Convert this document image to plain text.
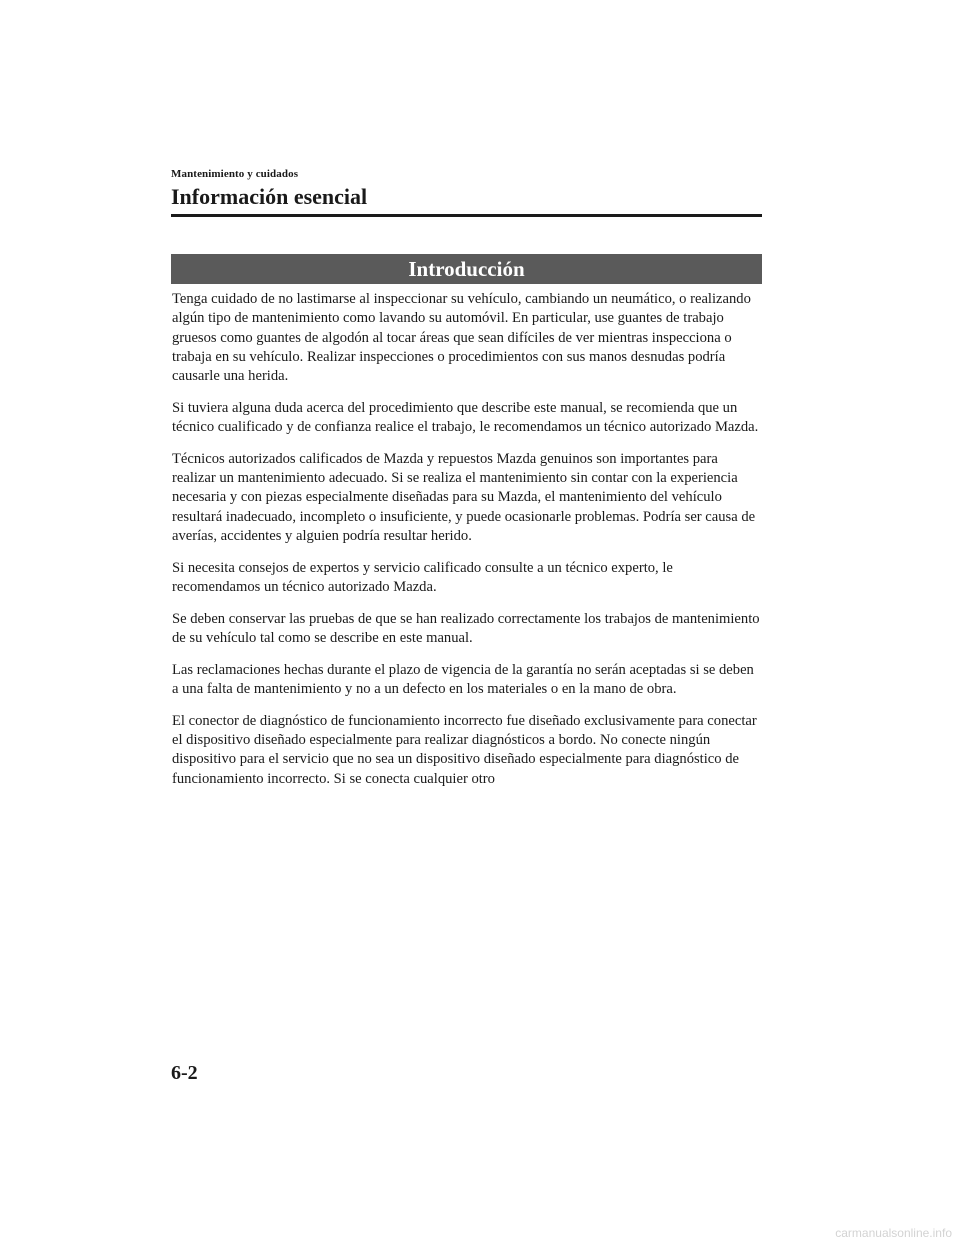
Mantenimiento y cuidados
Información esencial
Introducción

Tenga cuidado de no lastimarse al inspeccionar su vehículo, cambiando un neumático, o realizando algún tipo de mantenimiento como lavando su automóvil. En particular, use guantes de trabajo gruesos como guantes de algodón al tocar áreas que sean difíciles de ver mientras inspecciona o trabaja en su vehículo. Realizar inspecciones o procedimientos con sus manos desnudas podría causarle una herida.

Si tuviera alguna duda acerca del procedimiento que describe este manual, se recomienda que un técnico cualificado y de confianza realice el trabajo, le recomendamos un técnico autorizado Mazda.

Técnicos autorizados calificados de Mazda y repuestos Mazda genuinos son importantes para realizar un mantenimiento adecuado. Si se realiza el mantenimiento sin contar con la experiencia necesaria y con piezas especialmente diseñadas para su Mazda, el mantenimiento del vehículo resultará inadecuado, incompleto o insuficiente, y puede ocasionarle problemas. Podría ser causa de averías, accidentes y alguien podría resultar herido.

Si necesita consejos de expertos y servicio calificado consulte a un técnico experto, le recomendamos un técnico autorizado Mazda.

Se deben conservar las pruebas de que se han realizado correctamente los trabajos de mantenimiento de su vehículo tal como se describe en este manual.

Las reclamaciones hechas durante el plazo de vigencia de la garantía no serán aceptadas si se deben a una falta de mantenimiento y no a un defecto en los materiales o en la mano de obra.

El conector de diagnóstico de funcionamiento incorrecto fue diseñado exclusivamente para conectar el dispositivo diseñado especialmente para realizar diagnósticos a bordo. No conecte ningún dispositivo para el servicio que no sea un dispositivo diseñado especialmente para diagnóstico de funcionamiento incorrecto. Si se conecta cualquier otro

6-2
carmanualsonline.info
